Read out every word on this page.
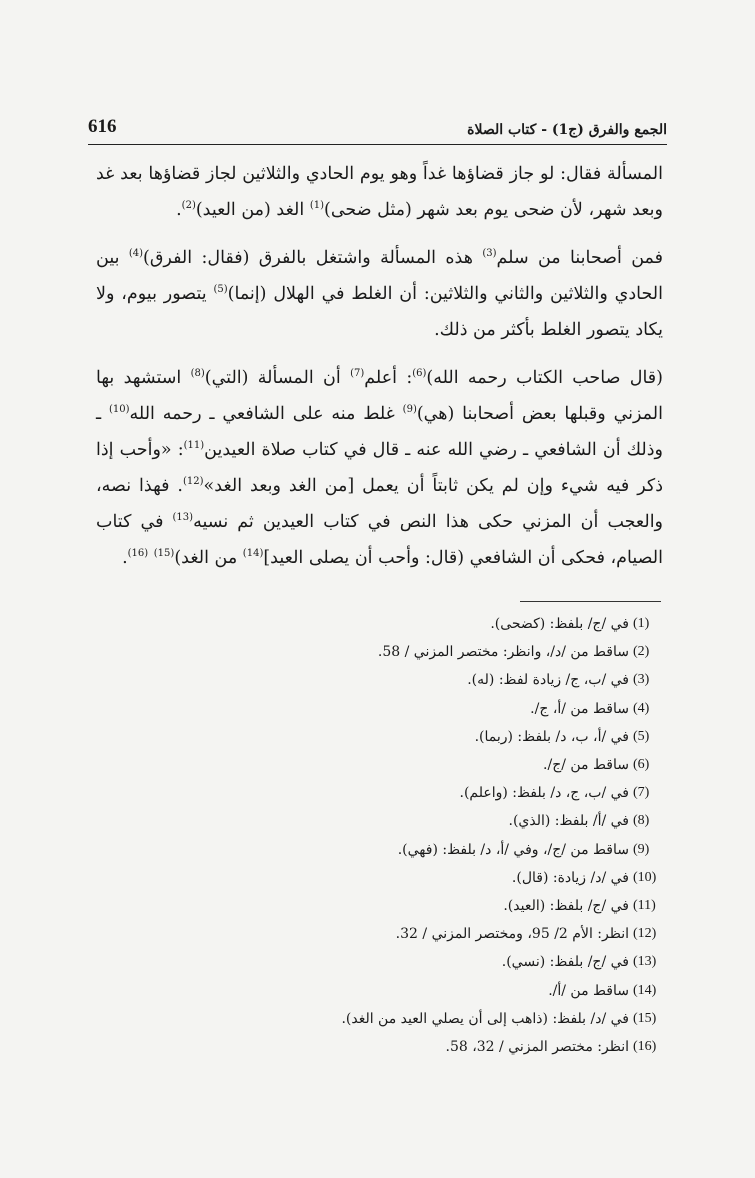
616	الجمع والفرق (ج1) - كتاب الصلاة

المسألة فقال: لو جاز قضاؤها غداً وهو يوم الحادي والثلاثين لجاز قضاؤها بعد غد وبعد شهر، لأن ضحى يوم بعد شهر (مثل ضحى)$^{(1)}$ الغد (من العيد)$^{(2)}$.

فمن أصحابنا من سلم$^{(3)}$ هذه المسألة واشتغل بالفرق (فقال: الفرق)$^{(4)}$ بين الحادي والثلاثين والثاني والثلاثين: أن الغلط في الهلال (إنما)$^{(5)}$ يتصور بيوم، ولا يكاد يتصور الغلط بأكثر من ذلك.

(قال صاحب الكتاب رحمه الله)$^{(6)}$: أعلم$^{(7)}$ أن المسألة (التي)$^{(8)}$ استشهد بها المزني وقبلها بعض أصحابنا (هي)$^{(9)}$ غلط منه على الشافعي ـ رحمه الله$^{(10)}$ ـ وذلك أن الشافعي ـ رضي الله عنه ـ قال في كتاب صلاة العيدين$^{(11)}$: «وأحب إذا ذكر فيه شيء وإن لم يكن ثابتاً أن يعمل [من الغد وبعد الغد»$^{(12)}$. فهذا نصه، والعجب أن المزني حكى هذا النص في كتاب العيدين ثم نسيه$^{(13)}$ في كتاب الصيام، فحكى أن الشافعي (قال: وأحب أن يصلى العيد]$^{(14)}$ من الغد)$^{(15)}$ $^{(16)}$.

(1)
في /ج/ بلفظ: (كضحى).
(2)
ساقط من /د/، وانظر: مختصر المزني / 58.
(3)
في /ب، ج/ زيادة لفظ: (له).
(4)
ساقط من /أ، ج/.
(5)
في /أ، ب، د/ بلفظ: (ربما).
(6)
ساقط من /ج/.
(7)
في /ب، ج، د/ بلفظ: (واعلم).
(8)
في /أ/ بلفظ: (الذي).
(9)
ساقط من /ج/، وفي /أ، د/ بلفظ: (فهي).
(10)
في /د/ زيادة: (قال).
(11)
في /ج/ بلفظ: (العيد).
(12)
انظر: الأم 2/ 95، ومختصر المزني / 32.
(13)
في /ج/ بلفظ: (نسي).
(14)
ساقط من /أ/.
(15)
في /د/ بلفظ: (ذاهب إلى أن يصلي العيد من الغد).
(16)
انظر: مختصر المزني / 32، 58.
